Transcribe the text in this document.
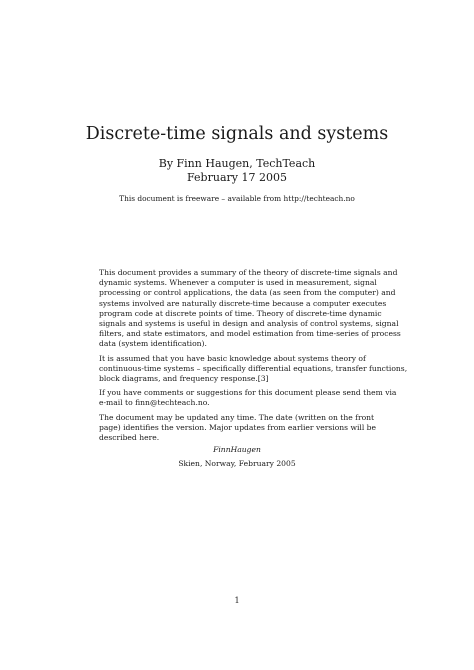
Discrete-time signals and systems
By Finn Haugen, TechTeach
February 17 2005
This document is freeware – available from http://techteach.no

This document provides a summary of the theory of discrete-time signals and
dynamic systems. Whenever a computer is used in measurement, signal
processing or control applications, the data (as seen from the computer) and
systems involved are naturally discrete-time because a computer executes
program code at discrete points of time. Theory of discrete-time dynamic
signals and systems is useful in design and analysis of control systems, signal
filters, and state estimators, and model estimation from time-series of process
data (system identification).

It is assumed that you have basic knowledge about systems theory of
continuous-time systems – specifically differential equations, transfer functions,
block diagrams, and frequency response.[3]

If you have comments or suggestions for this document please send them via
e-mail to finn@techteach.no.

The document may be updated any time. The date (written on the front
page) identifies the version. Major updates from earlier versions will be
described here.

FinnHaugen
Skien, Norway, February 2005
1
